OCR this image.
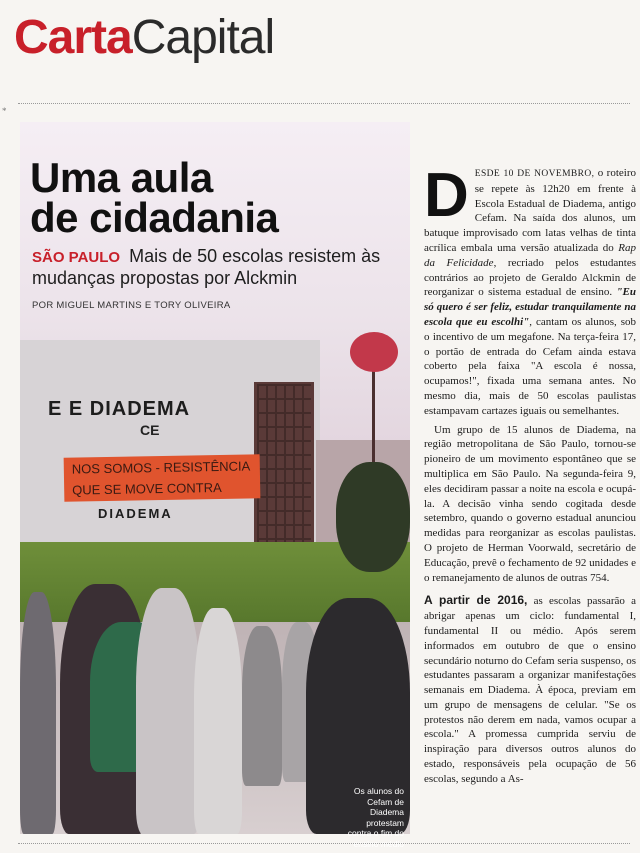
CartaCapital
*
E E DIADEMA
CE
NOS SOMOS - RESISTÊNCIA
QUE SE MOVE CONTRA
DIADEMA
Uma aula
de cidadania

SÃO PAULO Mais de 50 escolas resistem às mudanças propostas por Alckmin

POR MIGUEL MARTINS E TORY OLIVEIRA
Os alunos do Cefam de Diadema protestam contra o fim do ensino médio

DESDE 10 DE NOVEMBRO, o roteiro se repete às 12h20 em frente à Escola Estadual de Diadema, antigo Cefam. Na saída dos alunos, um batuque improvisado com latas velhas de tinta acrílica embala uma versão atualizada do Rap da Felicidade, recriado pelos estudantes contrários ao projeto de Geraldo Alckmin de reorganizar o sistema estadual de ensino. "Eu só quero é ser feliz, estudar tranquilamente na escola que eu escolhi", cantam os alunos, sob o incentivo de um megafone. Na terça-feira 17, o portão de entrada do Cefam ainda estava coberto pela faixa "A escola é nossa, ocupamos!", fixada uma semana antes. No mesmo dia, mais de 50 escolas paulistas estampavam cartazes iguais ou semelhantes.

Um grupo de 15 alunos de Diadema, na região metropolitana de São Paulo, tornou-se pioneiro de um movimento espontâneo que se multiplica em São Paulo. Na segunda-feira 9, eles decidiram passar a noite na escola e ocupá-la. A decisão vinha sendo cogitada desde setembro, quando o governo estadual anunciou medidas para reorganizar as escolas paulistas. O projeto de Herman Voorwald, secretário de Educação, prevê o fechamento de 92 unidades e o remanejamento de alunos de outras 754.

A partir de 2016, as escolas passarão a abrigar apenas um ciclo: fundamental I, fundamental II ou médio. Após serem informados em outubro de que o ensino secundário noturno do Cefam seria suspenso, os estudantes passaram a organizar manifestações semanais em Diadema. À época, previam em um grupo de mensagens de celular. "Se os protestos não derem em nada, vamos ocupar a escola." A promessa cumprida serviu de inspiração para diversos outros alunos do estado, responsáveis pela ocupação de 56 escolas, segundo a As-
